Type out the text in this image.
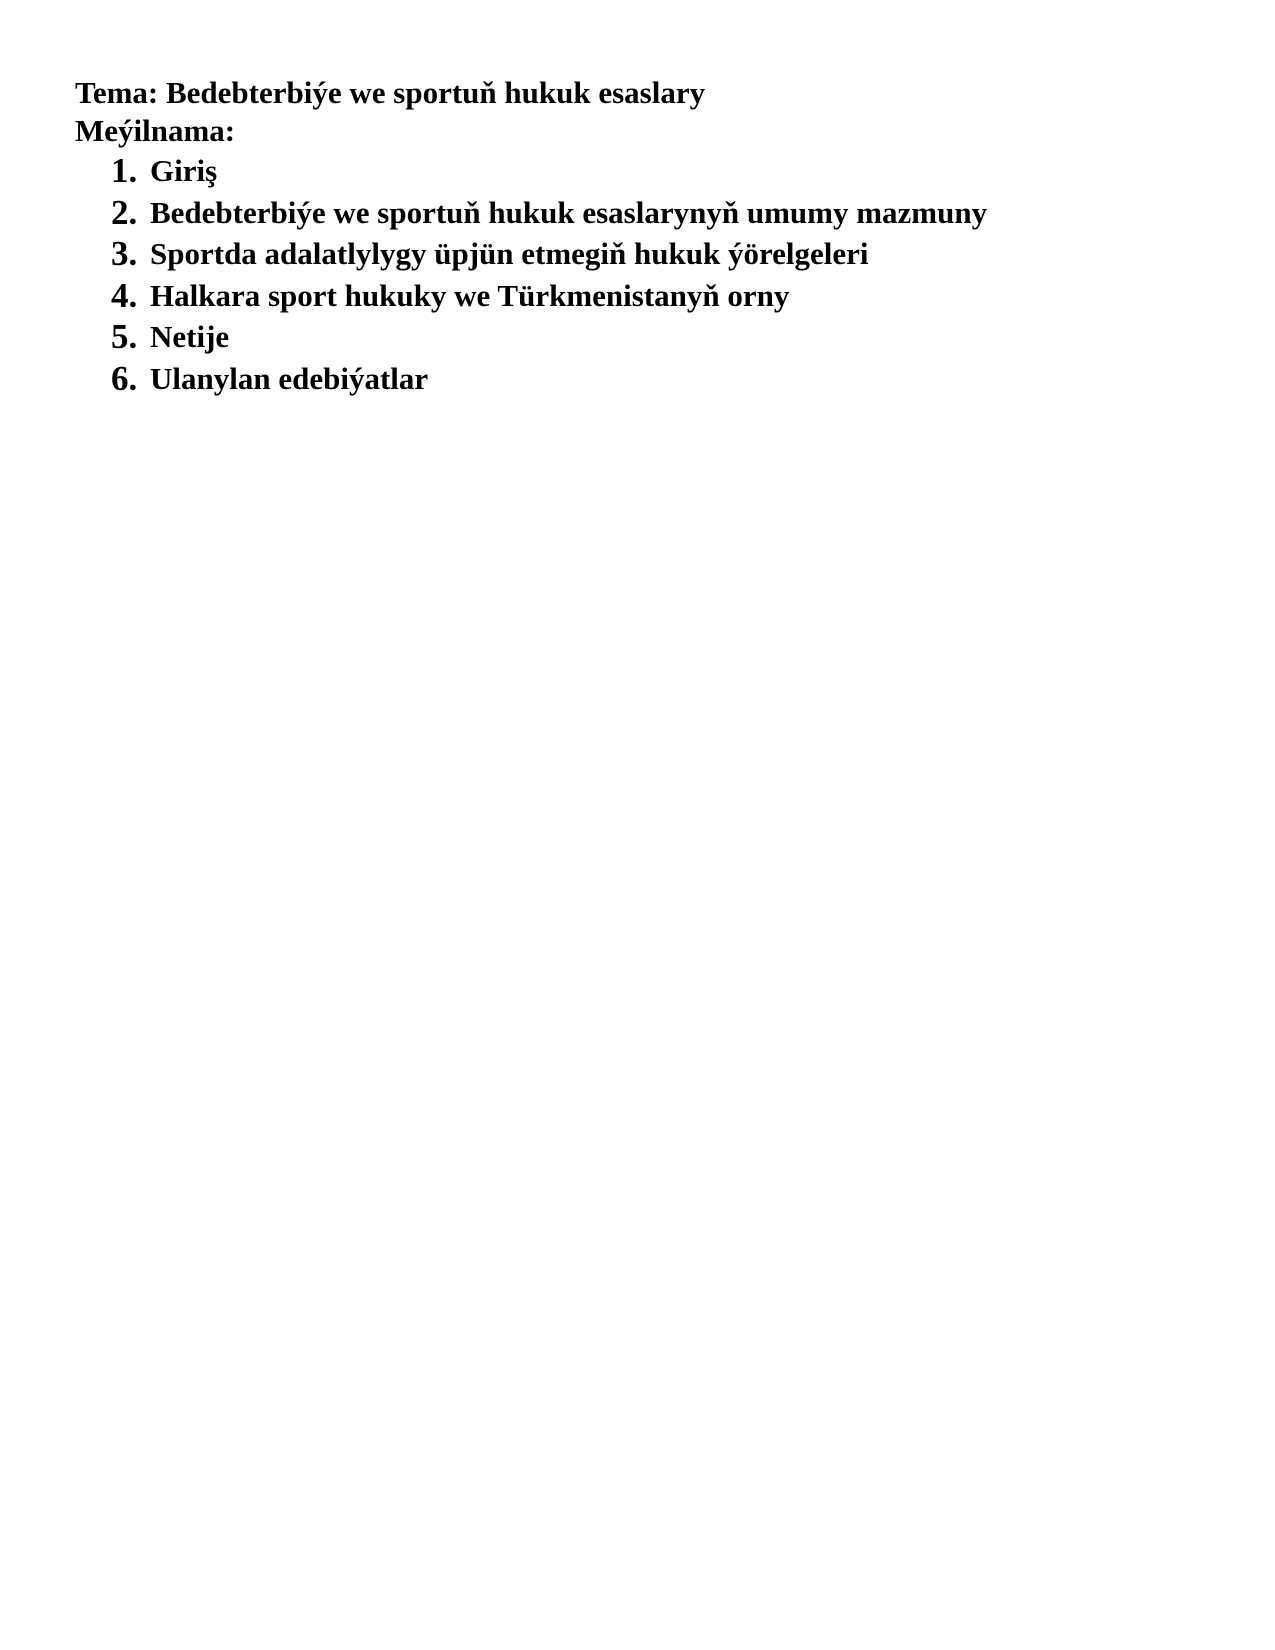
Tema: Bedebterbiýe we sportuň hukuk esaslary
Meýilnama:
1. Giriş
2. Bedebterbiýe we sportuň hukuk esaslarynyň umumy mazmuny
3. Sportda adalatlylygy üpjün etmegiň hukuk ýörelgeleri
4. Halkara sport hukuky we Türkmenistanyň orny
5. Netije
6. Ulanylan edebiýatlar
